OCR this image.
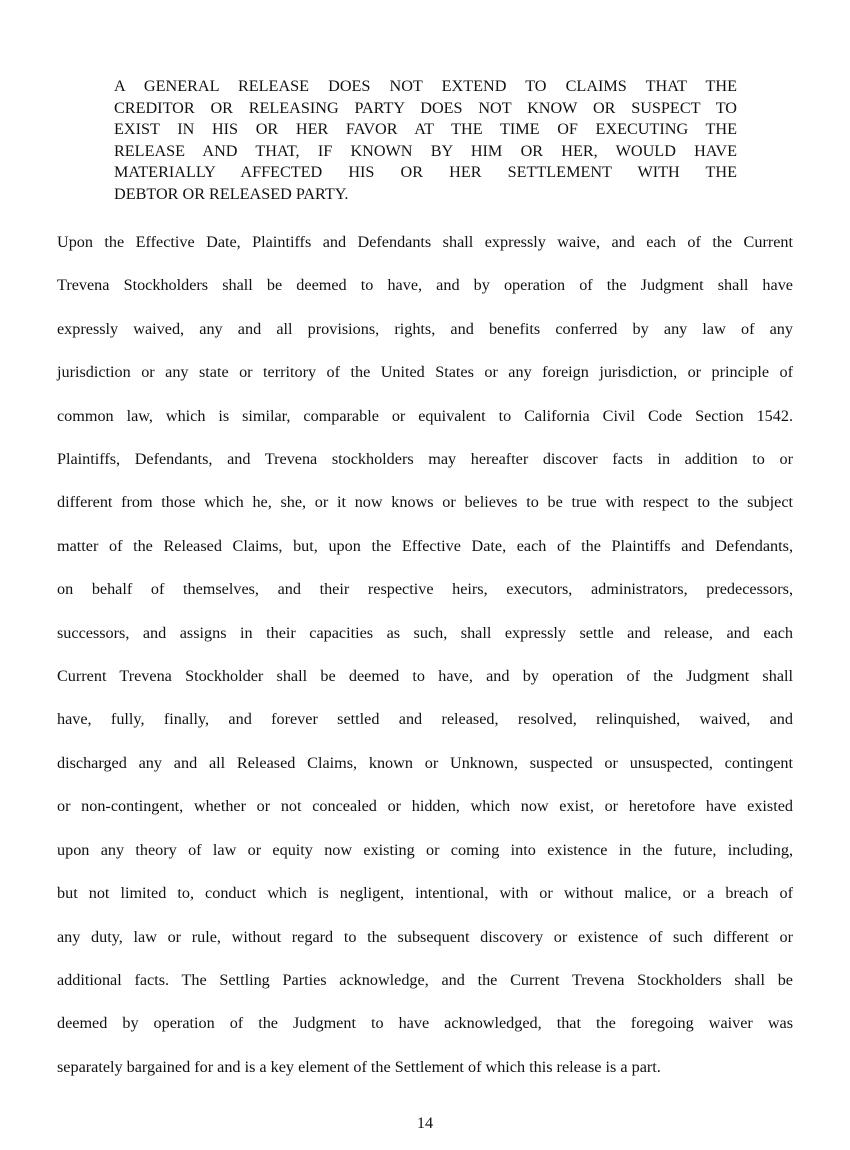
A GENERAL RELEASE DOES NOT EXTEND TO CLAIMS THAT THE
CREDITOR OR RELEASING PARTY DOES NOT KNOW OR SUSPECT TO
EXIST IN HIS OR HER FAVOR AT THE TIME OF EXECUTING THE
RELEASE AND THAT, IF KNOWN BY HIM OR HER, WOULD HAVE
MATERIALLY AFFECTED HIS OR HER SETTLEMENT WITH THE
DEBTOR OR RELEASED PARTY.
Upon the Effective Date, Plaintiffs and Defendants shall expressly waive, and each of the Current
Trevena Stockholders shall be deemed to have, and by operation of the Judgment shall have
expressly waived, any and all provisions, rights, and benefits conferred by any law of any
jurisdiction or any state or territory of the United States or any foreign jurisdiction, or principle of
common law, which is similar, comparable or equivalent to California Civil Code Section 1542.
Plaintiffs, Defendants, and Trevena stockholders may hereafter discover facts in addition to or
different from those which he, she, or it now knows or believes to be true with respect to the subject
matter of the Released Claims, but, upon the Effective Date, each of the Plaintiffs and Defendants,
on behalf of themselves, and their respective heirs, executors, administrators, predecessors,
successors, and assigns in their capacities as such, shall expressly settle and release, and each
Current Trevena Stockholder shall be deemed to have, and by operation of the Judgment shall
have, fully, finally, and forever settled and released, resolved, relinquished, waived, and
discharged any and all Released Claims, known or Unknown, suspected or unsuspected, contingent
or non-contingent, whether or not concealed or hidden, which now exist, or heretofore have existed
upon any theory of law or equity now existing or coming into existence in the future, including,
but not limited to, conduct which is negligent, intentional, with or without malice, or a breach of
any duty, law or rule, without regard to the subsequent discovery or existence of such different or
additional facts. The Settling Parties acknowledge, and the Current Trevena Stockholders shall be
deemed by operation of the Judgment to have acknowledged, that the foregoing waiver was
separately bargained for and is a key element of the Settlement of which this release is a part.
14
